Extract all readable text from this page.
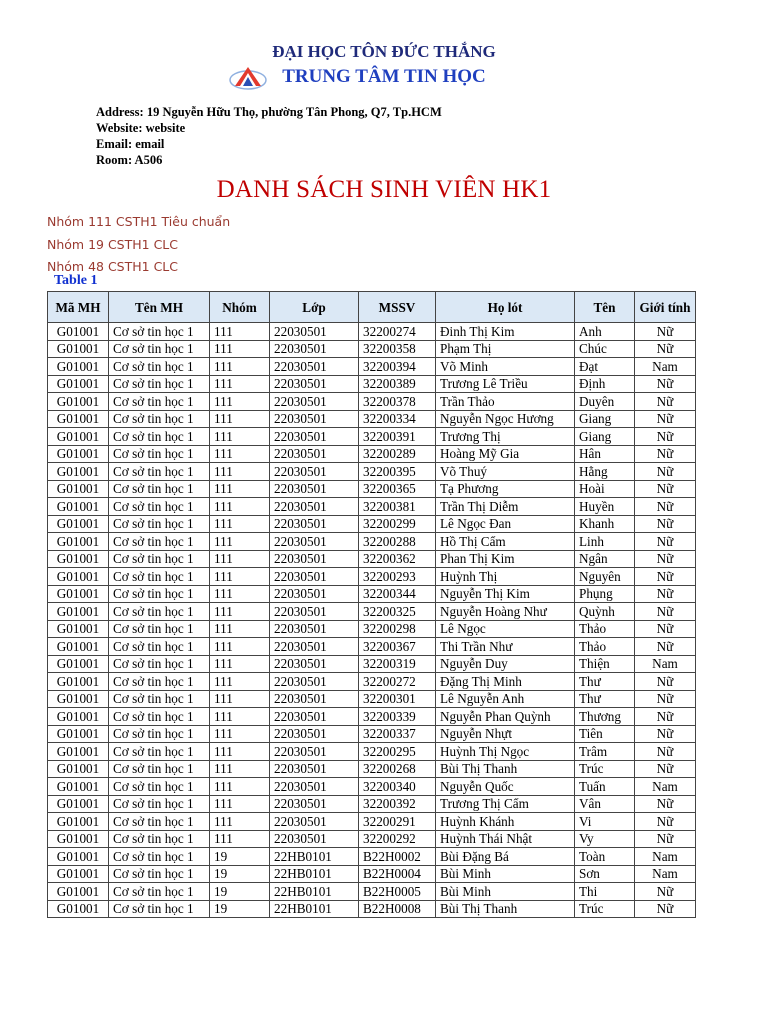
ĐẠI HỌC TÔN ĐỨC THẮNG
TRUNG TÂM TIN HỌC
Address: 19 Nguyễn Hữu Thọ, phường Tân Phong, Q7, Tp.HCM
Website: website
Email: email
Room: A506
DANH SÁCH SINH VIÊN HK1
Nhóm 111 CSTH1 Tiêu chuẩn
Nhóm 19 CSTH1 CLC
Nhóm 48 CSTH1 CLC
Table 1
Mã MH	Tên MH	Nhóm	Lớp	MSSV	Họ lót	Tên	Giới tính
G01001	Cơ sở tin học 1	111	22030501	32200274	Đinh Thị Kim	Anh	Nữ
G01001	Cơ sở tin học 1	111	22030501	32200358	Phạm Thị	Chúc	Nữ
G01001	Cơ sở tin học 1	111	22030501	32200394	Võ Minh	Đạt	Nam
G01001	Cơ sở tin học 1	111	22030501	32200389	Trương Lê Triều	Định	Nữ
G01001	Cơ sở tin học 1	111	22030501	32200378	Trần Thảo	Duyên	Nữ
G01001	Cơ sở tin học 1	111	22030501	32200334	Nguyễn Ngọc Hương	Giang	Nữ
G01001	Cơ sở tin học 1	111	22030501	32200391	Trương Thị	Giang	Nữ
G01001	Cơ sở tin học 1	111	22030501	32200289	Hoàng Mỹ Gia	Hân	Nữ
G01001	Cơ sở tin học 1	111	22030501	32200395	Võ Thuý	Hằng	Nữ
G01001	Cơ sở tin học 1	111	22030501	32200365	Tạ Phương	Hoài	Nữ
G01001	Cơ sở tin học 1	111	22030501	32200381	Trần Thị Diễm	Huyền	Nữ
G01001	Cơ sở tin học 1	111	22030501	32200299	Lê Ngọc Đan	Khanh	Nữ
G01001	Cơ sở tin học 1	111	22030501	32200288	Hồ Thị Cẩm	Linh	Nữ
G01001	Cơ sở tin học 1	111	22030501	32200362	Phan Thị Kim	Ngân	Nữ
G01001	Cơ sở tin học 1	111	22030501	32200293	Huỳnh Thị	Nguyên	Nữ
G01001	Cơ sở tin học 1	111	22030501	32200344	Nguyễn Thị Kim	Phụng	Nữ
G01001	Cơ sở tin học 1	111	22030501	32200325	Nguyễn Hoàng Như	Quỳnh	Nữ
G01001	Cơ sở tin học 1	111	22030501	32200298	Lê Ngọc	Thảo	Nữ
G01001	Cơ sở tin học 1	111	22030501	32200367	Thi Trần Như	Thảo	Nữ
G01001	Cơ sở tin học 1	111	22030501	32200319	Nguyễn Duy	Thiện	Nam
G01001	Cơ sở tin học 1	111	22030501	32200272	Đặng Thị Minh	Thư	Nữ
G01001	Cơ sở tin học 1	111	22030501	32200301	Lê Nguyễn Anh	Thư	Nữ
G01001	Cơ sở tin học 1	111	22030501	32200339	Nguyễn Phan Quỳnh	Thương	Nữ
G01001	Cơ sở tin học 1	111	22030501	32200337	Nguyễn Nhựt	Tiên	Nữ
G01001	Cơ sở tin học 1	111	22030501	32200295	Huỳnh Thị Ngọc	Trâm	Nữ
G01001	Cơ sở tin học 1	111	22030501	32200268	Bùi Thị Thanh	Trúc	Nữ
G01001	Cơ sở tin học 1	111	22030501	32200340	Nguyễn Quốc	Tuấn	Nam
G01001	Cơ sở tin học 1	111	22030501	32200392	Trương Thị Cẩm	Vân	Nữ
G01001	Cơ sở tin học 1	111	22030501	32200291	Huỳnh Khánh	Vi	Nữ
G01001	Cơ sở tin học 1	111	22030501	32200292	Huỳnh Thái Nhật	Vy	Nữ
G01001	Cơ sở tin học 1	19	22HB0101	B22H0002	Bùi Đặng Bá	Toàn	Nam
G01001	Cơ sở tin học 1	19	22HB0101	B22H0004	Bùi Minh	Sơn	Nam
G01001	Cơ sở tin học 1	19	22HB0101	B22H0005	Bùi Minh	Thi	Nữ
G01001	Cơ sở tin học 1	19	22HB0101	B22H0008	Bùi Thị Thanh	Trúc	Nữ
